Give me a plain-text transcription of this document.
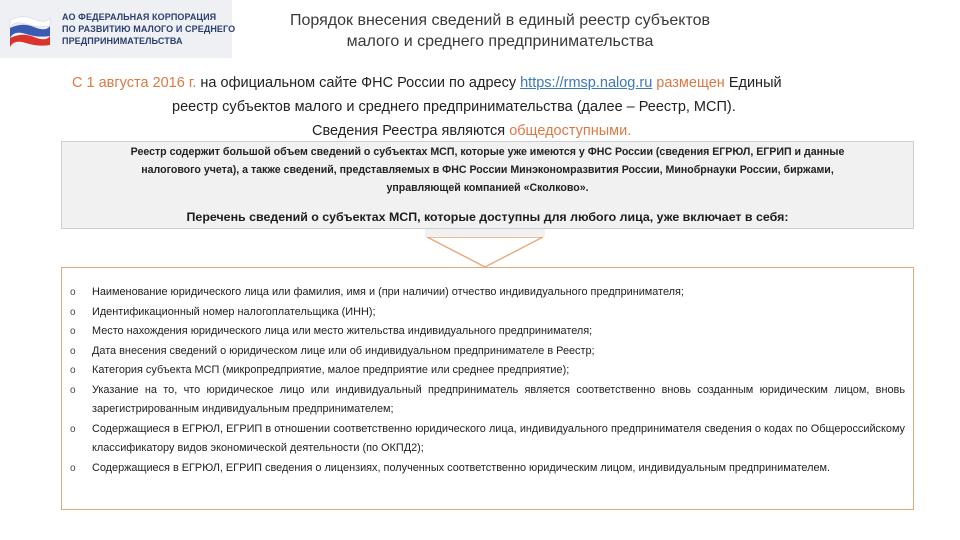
АО ФЕДЕРАЛЬНАЯ КОРПОРАЦИЯ
ПО РАЗВИТИЮ МАЛОГО И СРЕДНЕГО
ПРЕДПРИНИМАТЕЛЬСТВА
Порядок внесения сведений в единый реестр субъектов
малого и среднего предпринимательства
С 1 августа 2016 г. на официальном сайте ФНС России по адресу https://rmsp.nalog.ru размещен Единый
реестр субъектов малого и среднего предпринимательства (далее – Реестр, МСП).
Сведения Реестра являются общедоступными.
Реестр содержит большой объем сведений о субъектах МСП, которые уже имеются у ФНС России (сведения ЕГРЮЛ, ЕГРИП и данные
налогового учета), а также сведений, представляемых в ФНС России Минэкономразвития России, Минобрнауки России, биржами,
управляющей компанией «Сколково».
Перечень сведений о субъектах МСП, которые доступны для любого лица, уже включает в себя:
o Наименование юридического лица или фамилия, имя и (при наличии) отчество индивидуального предпринимателя;
o Идентификационный номер налогоплательщика (ИНН);
o Место нахождения юридического лица или место жительства индивидуального предпринимателя;
o Дата внесения сведений о юридическом лице или об индивидуальном предпринимателе в Реестр;
o Категория субъекта МСП (микропредприятие, малое предприятие или среднее предприятие);
o Указание на то, что юридическое лицо или индивидуальный предприниматель является соответственно вновь созданным юридическим лицом, вновь зарегистрированным индивидуальным предпринимателем;
o Содержащиеся в ЕГРЮЛ, ЕГРИП в отношении соответственно юридического лица, индивидуального предпринимателя сведения о кодах по Общероссийскому классификатору видов экономической деятельности (по ОКПД2);
o Содержащиеся в ЕГРЮЛ, ЕГРИП сведения о лицензиях, полученных соответственно юридическим лицом, индивидуальным предпринимателем.
